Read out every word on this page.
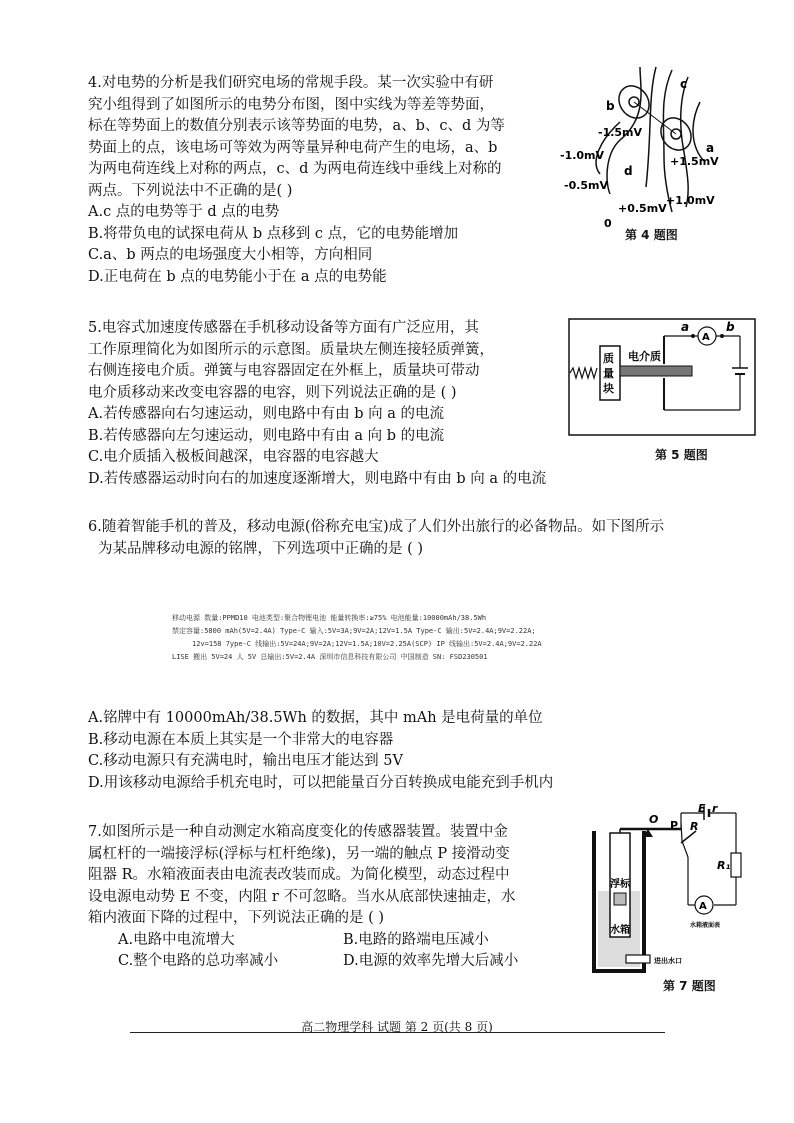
4.对电势的分析是我们研究电场的常规手段。某一次实验中有研

究小组得到了如图所示的电势分布图，图中实线为等差等势面，

标在等势面上的数值分别表示该等势面的电势，a、b、c、d 为等

势面上的点，该电场可等效为两等量异种电荷产生的电场，a、b

为两电荷连线上对称的两点，c、d 为两电荷连线中垂线上对称的

两点。下列说法中不正确的是( )

A.c 点的电势等于 d 点的电势

B.将带负电的试探电荷从 b 点移到 c 点，它的电势能增加

C.a、b 两点的电场强度大小相等，方向相同

D.正电荷在 b 点的电势能小于在 a 点的电势能

c
b
-1.5mV
-1.0mV
-0.5mV
d
a
+1.5mV
+1.0mV
+0.5mV
0
第 4 题图

5.电容式加速度传感器在手机移动设备等方面有广泛应用，其

工作原理简化为如图所示的示意图。质量块左侧连接轻质弹簧，

右侧连接电介质。弹簧与电容器固定在外框上，质量块可带动

电介质移动来改变电容器的电容，则下列说法正确的是 ( )

A.若传感器向右匀速运动，则电路中有由 b 向 a 的电流

B.若传感器向左匀速运动，则电路中有由 a 向 b 的电流

C.电介质插入极板间越深，电容器的电容越大

D.若传感器运动时向右的加速度逐渐增大，则电路中有由 b 向 a 的电流

质
量
块
电介质
A
a	b
第 5 题图

6.随着智能手机的普及，移动电源(俗称充电宝)成了人们外出旅行的必备物品。如下图所示

为某品牌移动电源的铭牌，下列选项中正确的是 ( )

移动电源 数量:PPMD10 电池类型:聚合物锂电池 能量转换率:≥75% 电池能量:10000mAh/38.5Wh
禁定容量:5800 mAh(5V=2.4A) Type-C 输入:5V=3A;9V=2A;12V=1.5A Type-C 输出:5V=2.4A;9V=2.22A;
12v=158 7ype-C 线输出:5V=24A;9V=2A;12V=1.5A;10V=2.25A(SCP) IP 线输出:5V=2.4A;9V=2.22A
LISE 搬出 5V=24 人 5V 总输出:5V=2.4A 深圳市信息科技有限公司 中国制造 SN: FSD230501

A.铭牌中有 10000mAh/38.5Wh 的数据，其中 mAh 是电荷量的单位

B.移动电源在本质上其实是一个非常大的电容器

C.移动电源只有充满电时，输出电压才能达到 5V

D.用该移动电源给手机充电时，可以把能量百分百转换成电能充到手机内

7.如图所示是一种自动测定水箱高度变化的传感器装置。装置中金

属杠杆的一端接浮标(浮标与杠杆绝缘)，另一端的触点 P 接滑动变

阻器 R。水箱液面表由电流表改装而成。为简化模型，动态过程中

设电源电动势 E 不变，内阻 r 不可忽略。当水从底部快速抽走，水

箱内液面下降的过程中，下列说法正确的是 ( )

A.电路中电流增大	B.电路的路端电压减小
C.整个电路的总功率减小	D.电源的效率先增大后减小
浮标
水箱
进出水口
O P R
E r
R₁
A
水箱液面表
第 7 题图
高二物理学科 试题 第 2 页(共 8 页)
